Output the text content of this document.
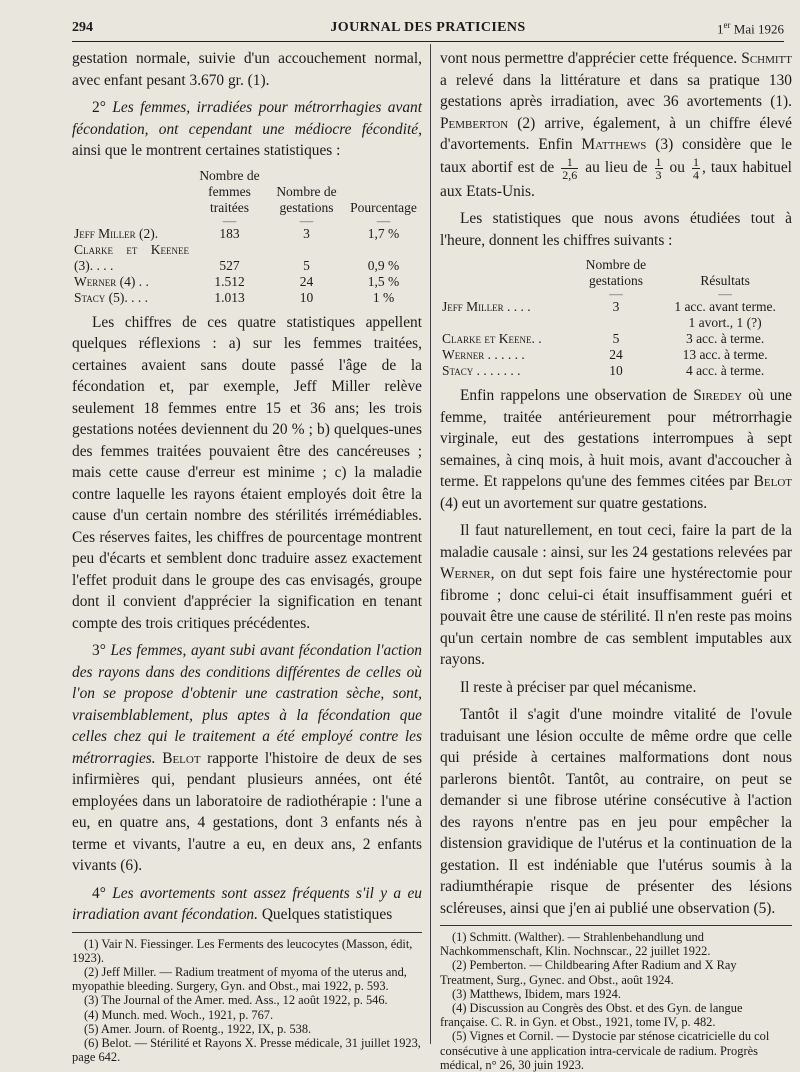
294	JOURNAL DES PRATICIENS	1er Mai 1926

gestation normale, suivie d'un accouchement normal, avec enfant pesant 3.670 gr. (1).

2° Les femmes, irradiées pour métrorrhagies avant fécondation, ont cependant une médiocre fécondité, ainsi que le montrent certaines statistiques :

	Nombre de femmes traitées	Nombre de gestations	Pourcentage
	—	—	—
Jeff Miller (2).	183	3	1,7 %
Clarke et Keenee (3). . . .	527	5	0,9 %
Werner (4) . .	1.512	24	1,5 %
Stacy (5). . . .	1.013	10	1 %

Les chiffres de ces quatre statistiques appellent quelques réflexions : a) sur les femmes traitées, certaines avaient sans doute passé l'âge de la fécondation et, par exemple, Jeff Miller relève seulement 18 femmes entre 15 et 36 ans; les trois gestations notées deviennent du 20 % ; b) quelques-unes des femmes traitées pouvaient être des cancéreuses ; mais cette cause d'erreur est minime ; c) la maladie contre laquelle les rayons étaient employés doit être la cause d'un certain nombre des stérilités irrémédiables. Ces réserves faites, les chiffres de pourcentage montrent peu d'écarts et semblent donc traduire assez exactement l'effet produit dans le groupe des cas envisagés, groupe dont il convient d'apprécier la signification en tenant compte des trois critiques précédentes.

3° Les femmes, ayant subi avant fécondation l'action des rayons dans des conditions différentes de celles où l'on se propose d'obtenir une castration sèche, sont, vraisemblablement, plus aptes à la fécondation que celles chez qui le traitement a été employé contre les métrorragies. Belot rapporte l'histoire de deux de ses infirmières qui, pendant plusieurs années, ont été employées dans un laboratoire de radiothérapie : l'une a eu, en quatre ans, 4 gestations, dont 3 enfants nés à terme et vivants, l'autre a eu, en deux ans, 2 enfants vivants (6).

4° Les avortements sont assez fréquents s'il y a eu irradiation avant fécondation. Quelques statistiques

(1) Vair N. Fiessinger. Les Ferments des leucocytes (Masson, édit, 1923).

(2) Jeff Miller. — Radium treatment of myoma of the uterus and, myopathie bleeding. Surgery, Gyn. and Obst., mai 1922, p. 593.

(3) The Journal of the Amer. med. Ass., 12 août 1922, p. 546.

(4) Munch. med. Woch., 1921, p. 767.

(5) Amer. Journ. of Roentg., 1922, IX, p. 538.

(6) Belot. — Stérilité et Rayons X. Presse médicale, 31 juillet 1923, page 642.

vont nous permettre d'apprécier cette fréquence. Schmitt a relevé dans la littérature et dans sa pratique 130 gestations après irradiation, avec 36 avortements (1). Pemberton (2) arrive, également, à un chiffre élevé d'avortements. Enfin Matthews (3) considère que le taux abortif est de $\frac{1}{2,6}$ au lieu de $\frac{1}{3}$ ou $\frac{1}{4}$ , taux habituel aux Etats-Unis.

Les statistiques que nous avons étudiées tout à l'heure, donnent les chiffres suivants :

	Nombre de gestations	Résultats
	—	—
Jeff Miller . . . .	3	1 acc. avant terme.
		1 avort., 1 (?)
Clarke et Keene. .	5	3 acc. à terme.
Werner . . . . . .	24	13 acc. à terme.
Stacy . . . . . . .	10	4 acc. à terme.

Enfin rappelons une observation de Siredey où une femme, traitée antérieurement pour métrorrhagie virginale, eut des gestations interrompues à sept semaines, à cinq mois, à huit mois, avant d'accoucher à terme. Et rappelons qu'une des femmes citées par Belot (4) eut un avortement sur quatre gestations.

Il faut naturellement, en tout ceci, faire la part de la maladie causale : ainsi, sur les 24 gestations relevées par Werner, on dut sept fois faire une hystérectomie pour fibrome ; donc celui-ci était insuffisamment guéri et pouvait être une cause de stérilité. Il n'en reste pas moins qu'un certain nombre de cas semblent imputables aux rayons.

Il reste à préciser par quel mécanisme.

Tantôt il s'agit d'une moindre vitalité de l'ovule traduisant une lésion occulte de même ordre que celle qui préside à certaines malformations dont nous parlerons bientôt. Tantôt, au contraire, on peut se demander si une fibrose utérine consécutive à l'action des rayons n'entre pas en jeu pour empêcher la distension gravidique de l'utérus et la continuation de la gestation. Il est indéniable que l'utérus soumis à la radiumthérapie risque de présenter des lésions scléreuses, ainsi que j'en ai publié une observation (5).

(1) Schmitt. (Walther). — Strahlenbehandlung und Nachkommenschaft, Klin. Nochnscar., 22 juillet 1922.

(2) Pemberton. — Childbearing After Radium and X Ray Treatment, Surg., Gynec. and Obst., août 1924.

(3) Matthews, Ibidem, mars 1924.

(4) Discussion au Congrès des Obst. et des Gyn. de langue française. C. R. in Gyn. et Obst., 1921, tome IV, p. 482.

(5) Vignes et Cornil. — Dystocie par sténose cicatricielle du col consécutive à une application intra-cervicale de radium. Progrès médical, n° 26, 30 juin 1923.
